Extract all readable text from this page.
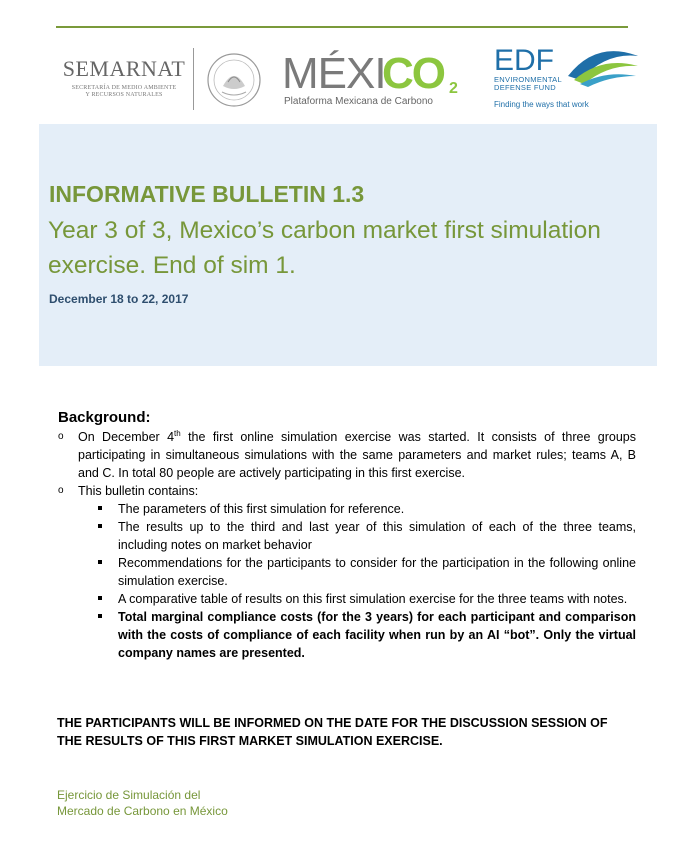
SEMARNAT
SECRETARÍA DE MEDIO AMBIENTE
Y RECURSOS NATURALES	MÉXI
CO 2
Plataforma Mexicana de Carbono
EDF
ENVIRONMENTAL
DEFENSE FUND
Finding the ways that work
INFORMATIVE BULLETIN 1.3

Year 3 of 3, Mexico’s carbon market first simulation exercise. End of sim 1.

December 18 to 22, 2017
Background:
o On December 4th the first online simulation exercise was started. It consists of three groups participating in simultaneous simulations with the same parameters and market rules; teams A, B and C. In total 80 people are actively participating in this first exercise.
o This bulletin contains:
The parameters of this first simulation for reference.
The results up to the third and last year of this simulation of each of the three teams, including notes on market behavior
Recommendations for the participants to consider for the participation in the following online simulation exercise.
A comparative table of results on this first simulation exercise for the three teams with notes.
Total marginal compliance costs (for the 3 years) for each participant and comparison with the costs of compliance of each facility when run by an AI “bot”. Only the virtual company names are presented.
THE PARTICIPANTS WILL BE INFORMED ON THE DATE FOR THE DISCUSSION SESSION OF THE RESULTS OF THIS FIRST MARKET SIMULATION EXERCISE.
Ejercicio de Simulación del
Mercado de Carbono en México
